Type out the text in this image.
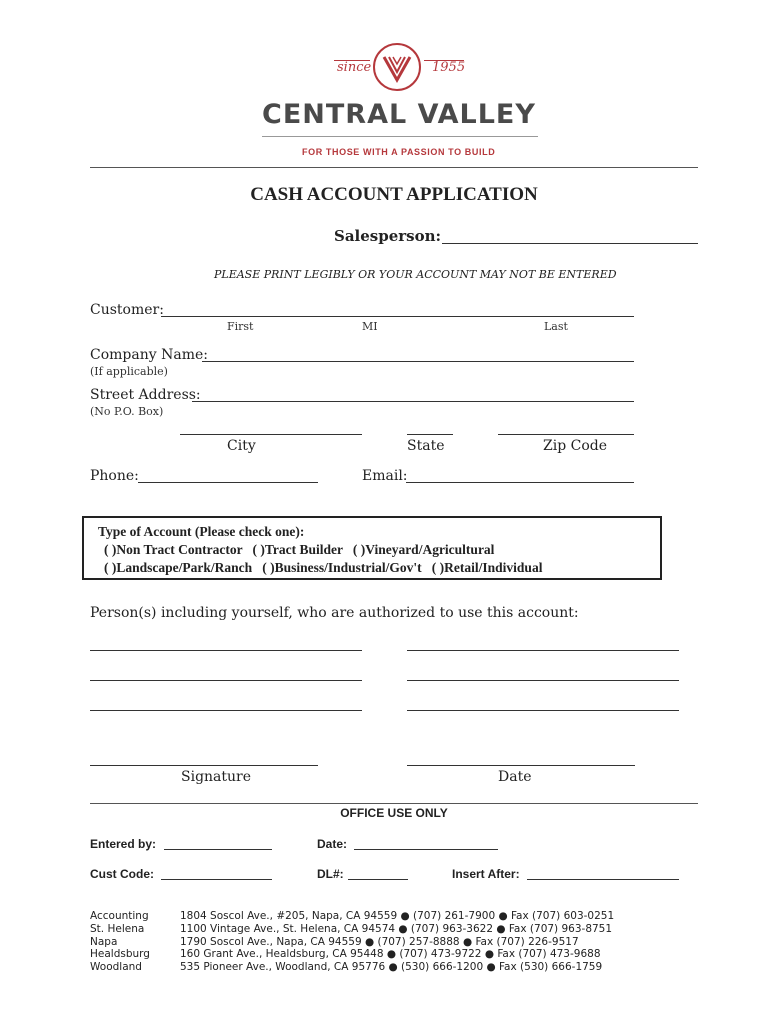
since	1955
CENTRAL VALLEY
FOR THOSE WITH A PASSION TO BUILD
CASH ACCOUNT APPLICATION
Salesperson:
PLEASE PRINT LEGIBLY OR YOUR ACCOUNT MAY NOT BE ENTERED
Customer:
First	MI	Last
Company Name:
(If applicable)
Street Address:
(No P.O. Box)
City	State	Zip Code
Phone:	Email:
Type of Account (Please check one):
( )Non Tract Contractor   ( )Tract Builder   ( )Vineyard/Agricultural
( )Landscape/Park/Ranch   ( )Business/Industrial/Gov't   ( )Retail/Individual
Person(s) including yourself, who are authorized to use this account:
Signature	Date
OFFICE USE ONLY
Entered by:	Date:
Cust Code:	DL#:	Insert After:
Accounting	1804 Soscol Ave., #205, Napa, CA 94559 ● (707) 261-7900 ● Fax (707) 603-0251
St. Helena	1100 Vintage Ave., St. Helena, CA 94574 ● (707) 963-3622 ● Fax (707) 963-8751
Napa	1790 Soscol Ave., Napa, CA 94559 ● (707) 257-8888 ● Fax (707) 226-9517
Healdsburg	160 Grant Ave., Healdsburg, CA 95448 ● (707) 473-9722 ● Fax (707) 473-9688
Woodland	535 Pioneer Ave., Woodland, CA 95776 ● (530) 666-1200 ● Fax (530) 666-1759
